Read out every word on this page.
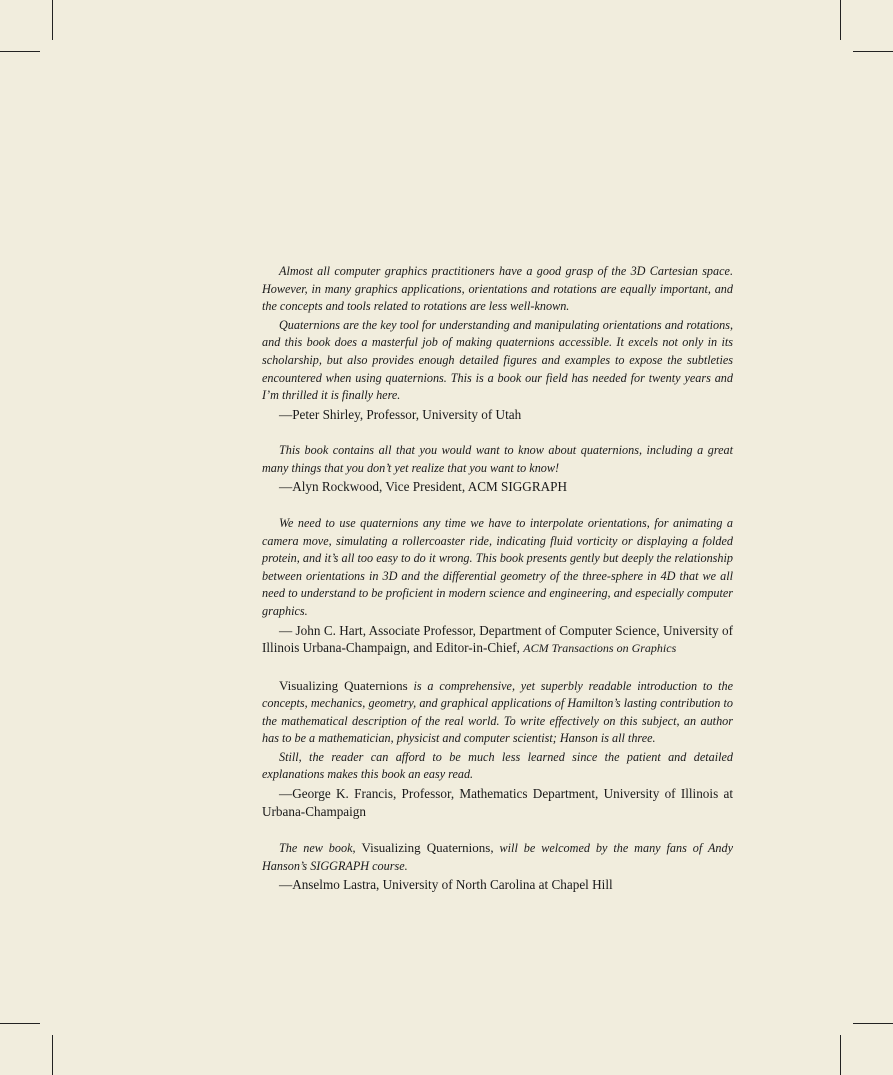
Almost all computer graphics practitioners have a good grasp of the 3D Cartesian space. However, in many graphics applications, orientations and rotations are equally important, and the concepts and tools related to rotations are less well-known.

Quaternions are the key tool for understanding and manipulating orientations and rotations, and this book does a masterful job of making quaternions accessible. It excels not only in its scholarship, but also provides enough detailed figures and examples to expose the subtleties encountered when using quaternions. This is a book our field has needed for twenty years and I’m thrilled it is finally here.

—Peter Shirley, Professor, University of Utah

This book contains all that you would want to know about quaternions, including a great many things that you don’t yet realize that you want to know!

—Alyn Rockwood, Vice President, ACM SIGGRAPH

We need to use quaternions any time we have to interpolate orientations, for animating a camera move, simulating a rollercoaster ride, indicating fluid vorticity or displaying a folded protein, and it’s all too easy to do it wrong. This book presents gently but deeply the relationship between orientations in 3D and the differential geometry of the three-sphere in 4D that we all need to understand to be proficient in modern science and engineering, and especially computer graphics.

— John C. Hart, Associate Professor, Department of Computer Science, University of Illinois Urbana-Champaign, and Editor-in-Chief, ACM Transactions on Graphics

Visualizing Quaternions is a comprehensive, yet superbly readable introduction to the concepts, mechanics, geometry, and graphical applications of Hamilton’s lasting contribution to the mathematical description of the real world. To write effectively on this subject, an author has to be a mathematician, physicist and computer scientist; Hanson is all three.

Still, the reader can afford to be much less learned since the patient and detailed explanations makes this book an easy read.

—George K. Francis, Professor, Mathematics Department, University of Illinois at Urbana-Champaign

The new book, Visualizing Quaternions, will be welcomed by the many fans of Andy Hanson’s SIGGRAPH course.

—Anselmo Lastra, University of North Carolina at Chapel Hill
